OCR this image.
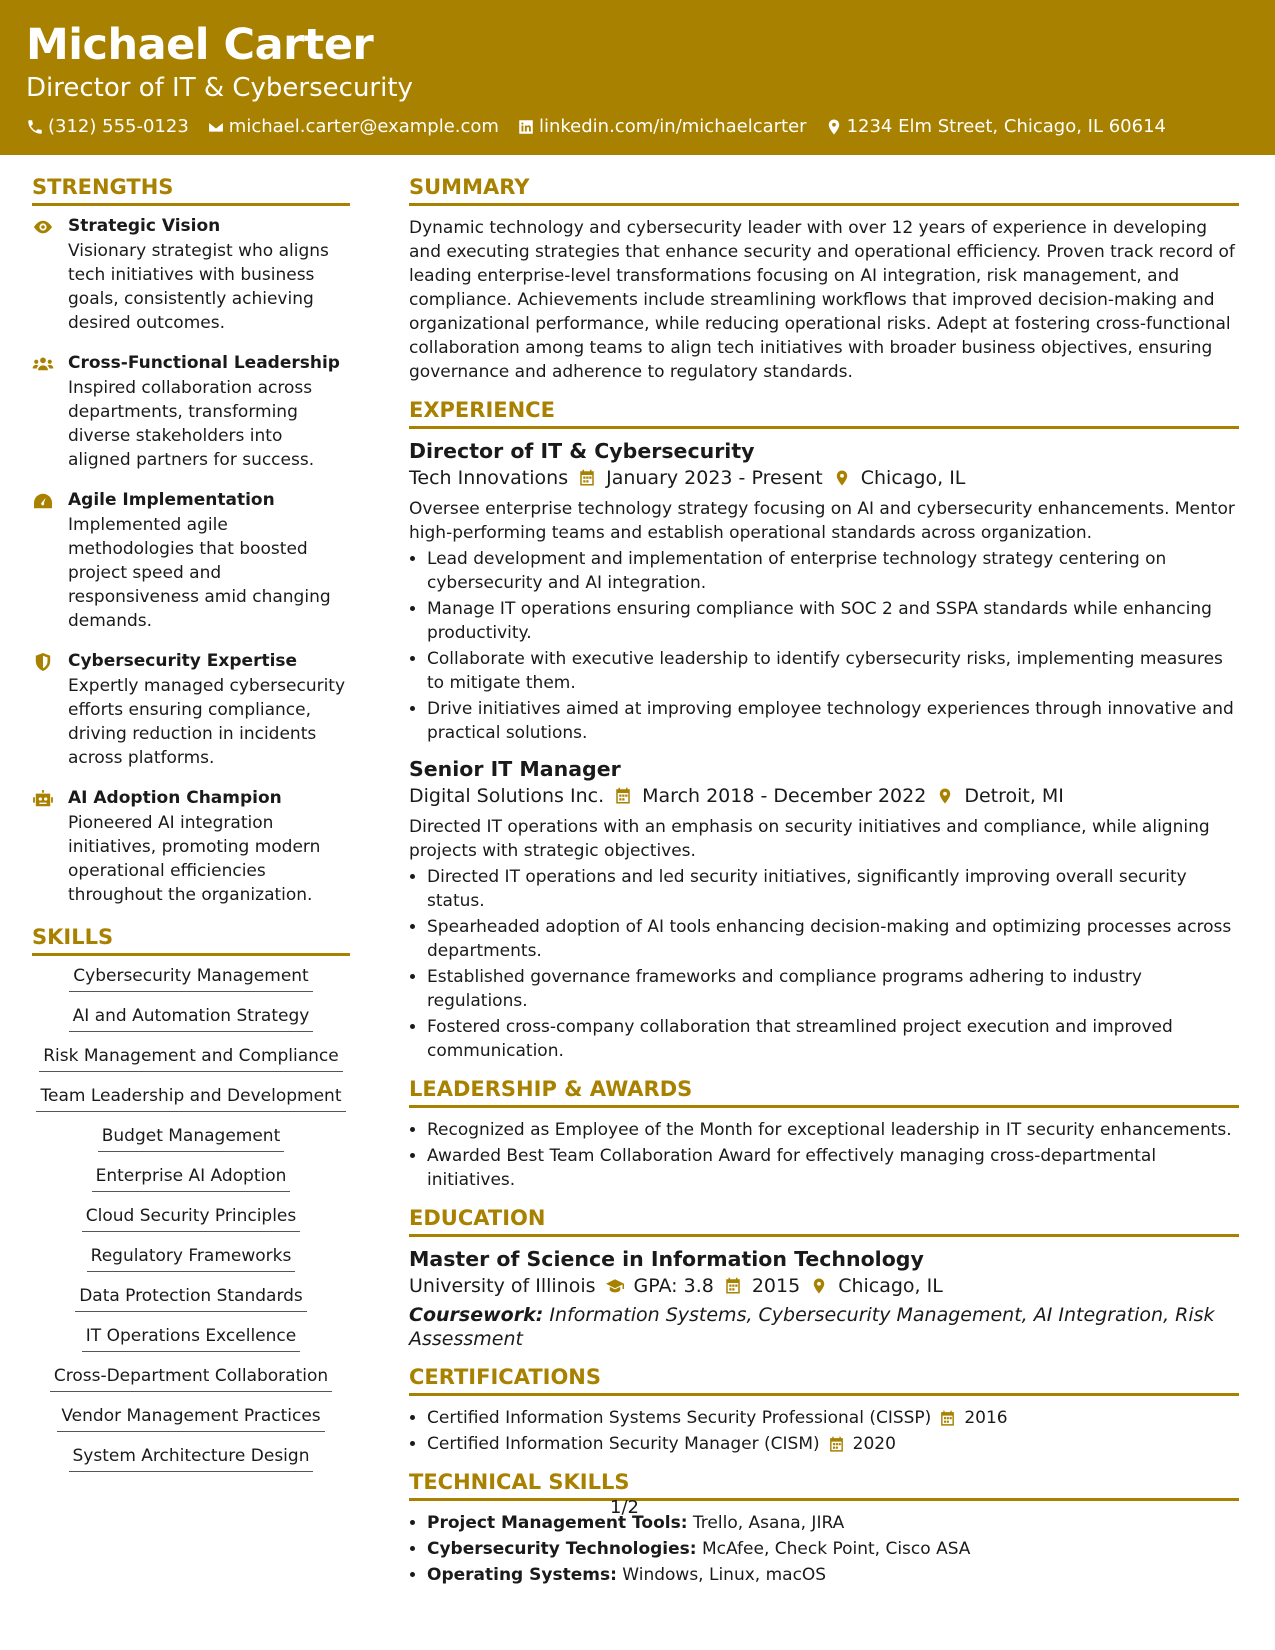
Michael Carter
Director of IT & Cybersecurity
(312) 555-0123 michael.carter@example.com linkedin.com/in/michaelcarter 1234 Elm Street, Chicago, IL 60614
STRENGTHS
Strategic Vision
Visionary strategist who aligns tech initiatives with business goals, consistently achieving desired outcomes.
Cross-Functional Leadership
Inspired collaboration across departments, transforming diverse stakeholders into aligned partners for success.
Agile Implementation
Implemented agile methodologies that boosted project speed and responsiveness amid changing demands.
Cybersecurity Expertise
Expertly managed cybersecurity efforts ensuring compliance, driving reduction in incidents across platforms.
AI Adoption Champion
Pioneered AI integration initiatives, promoting modern operational efficiencies throughout the organization.
SKILLS
Cybersecurity Management
AI and Automation Strategy
Risk Management and Compliance
Team Leadership and Development
Budget Management
Enterprise AI Adoption
Cloud Security Principles
Regulatory Frameworks
Data Protection Standards
IT Operations Excellence
Cross-Department Collaboration
Vendor Management Practices
System Architecture Design
SUMMARY
Dynamic technology and cybersecurity leader with over 12 years of experience in developing and executing strategies that enhance security and operational efficiency. Proven track record of leading enterprise-level transformations focusing on AI integration, risk management, and compliance. Achievements include streamlining workflows that improved decision-making and organizational performance, while reducing operational risks. Adept at fostering cross-functional collaboration among teams to align tech initiatives with broader business objectives, ensuring governance and adherence to regulatory standards.
EXPERIENCE
Director of IT & Cybersecurity
Tech Innovations January 2023 - Present Chicago, IL
Oversee enterprise technology strategy focusing on AI and cybersecurity enhancements. Mentor high-performing teams and establish operational standards across organization.
• Lead development and implementation of enterprise technology strategy centering on cybersecurity and AI integration.
• Manage IT operations ensuring compliance with SOC 2 and SSPA standards while enhancing productivity.
• Collaborate with executive leadership to identify cybersecurity risks, implementing measures to mitigate them.
• Drive initiatives aimed at improving employee technology experiences through innovative and practical solutions.
Senior IT Manager
Digital Solutions Inc. March 2018 - December 2022 Detroit, MI
Directed IT operations with an emphasis on security initiatives and compliance, while aligning projects with strategic objectives.
• Directed IT operations and led security initiatives, significantly improving overall security status.
• Spearheaded adoption of AI tools enhancing decision-making and optimizing processes across departments.
• Established governance frameworks and compliance programs adhering to industry regulations.
• Fostered cross-company collaboration that streamlined project execution and improved communication.
LEADERSHIP & AWARDS
• Recognized as Employee of the Month for exceptional leadership in IT security enhancements.
• Awarded Best Team Collaboration Award for effectively managing cross-departmental initiatives.
EDUCATION
Master of Science in Information Technology
University of Illinois GPA: 3.8 2015 Chicago, IL
Coursework: Information Systems, Cybersecurity Management, AI Integration, Risk Assessment
CERTIFICATIONS
• Certified Information Systems Security Professional (CISSP) 2016
• Certified Information Security Manager (CISM) 2020
TECHNICAL SKILLS
• Project Management Tools: Trello, Asana, JIRA
• Cybersecurity Technologies: McAfee, Check Point, Cisco ASA
• Operating Systems: Windows, Linux, macOS
1/2
